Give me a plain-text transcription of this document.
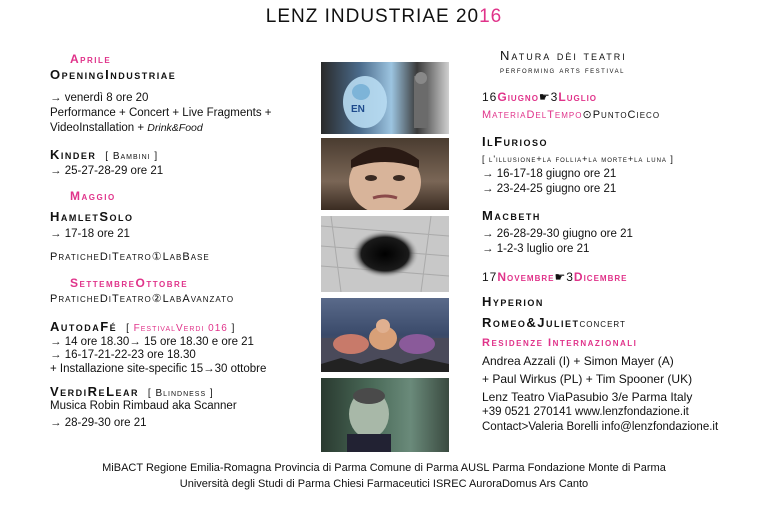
LENZ INDUSTRIAE 2016
Aprile
OpeningIndustriae
→ venerdì 8 ore 20
Performance + Concert + Live Fragments +
VideoInstallation + Drink&Food
Kinder [ Bambini ]
→ 25-27-28-29 ore 21
Maggio
HamletSolo
→ 17-18 ore 21
PraticheDiTeatro①LabBase
SettembreOttobre
PraticheDiTeatro②LabAvanzato
AutodaFé [ FestivalVerdi 016 ]
→ 14 ore 18.30→ 15 ore 18.30 e ore 21
→ 16-17-21-22-23 ore 18.30
+ Installazione site-specific 15→30 ottobre
VerdiReLear [ Blindness ]
Musica Robin Rimbaud aka Scanner
→ 28-29-30 ore 21
EN
Natura dèi teatri
performing arts festival
16Giugno☛3Luglio
MateriaDelTempo⊙PuntoCieco
IlFurioso
[ l'illusione+la follia+la morte+la luna ]
→ 16-17-18 giugno ore 21
→ 23-24-25 giugno ore 21
Macbeth
→ 26-28-29-30 giugno ore 21
→ 1-2-3 luglio ore 21
17Novembre☛3Dicembre
Hyperion
Romeo&Julietconcert
Residenze Internazionali
Andrea Azzali (I) + Simon Mayer (A)
+ Paul Wirkus (PL) + Tim Spooner (UK)
Lenz Teatro ViaPasubio 3/e Parma Italy
+39 0521 270141 www.lenzfondazione.it
Contact>Valeria Borelli info@lenzfondazione.it
MiBACT Regione Emilia-Romagna Provincia di Parma Comune di Parma AUSL Parma Fondazione Monte di Parma
Università degli Studi di Parma Chiesi Farmaceutici ISREC AuroraDomus Ars Canto
